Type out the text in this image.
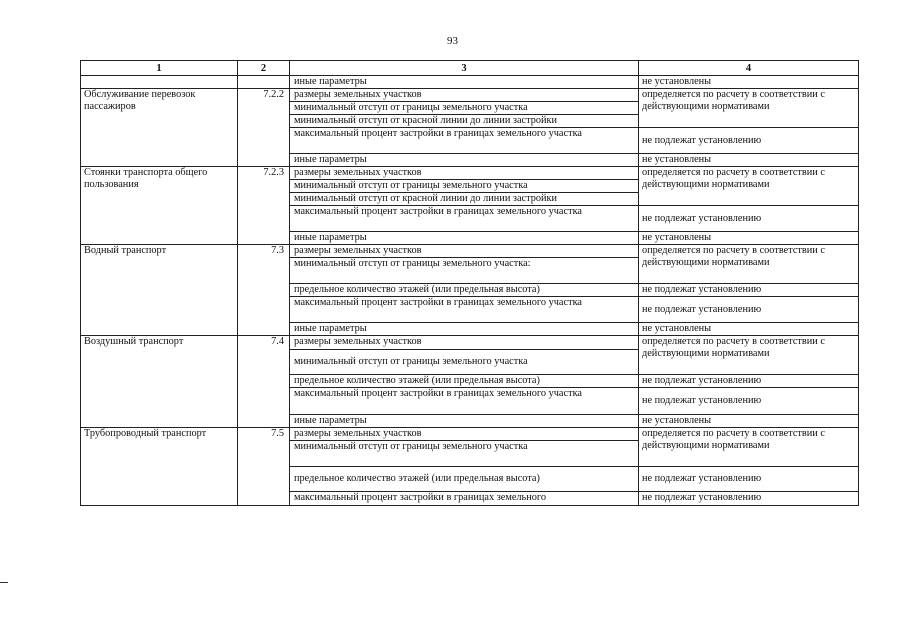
93
1	2	3	4
		иные параметры	не установлены
Обслуживание перевозок пассажиров	7.2.2	размеры земельных участков	определяется по расчету в соответствии с действующими нормативами
		минимальный отступ от границы земельного участка	
		минимальный отступ от красной линии до линии застройки	
		максимальный процент застройки в границах земельного участка	не подлежат установлению
		иные параметры	не установлены
Стоянки транспорта общего пользования	7.2.3	размеры земельных участков	определяется по расчету в соответствии с действующими нормативами
		минимальный отступ от границы земельного участка	
		минимальный отступ от красной линии до линии застройки	
		максимальный процент застройки в границах земельного участка	не подлежат установлению
		иные параметры	не установлены
Водный транспорт	7.3	размеры земельных участков	определяется по расчету в соответствии с действующими нормативами
		минимальный отступ от границы земельного участка:	
		предельное количество этажей (или предельная высота)	не подлежат установлению
		максимальный процент застройки в границах земельного участка	не подлежат установлению
		иные параметры	не установлены
Воздушный транспорт	7.4	размеры земельных участков	определяется по расчету в соответствии с действующими нормативами
		минимальный отступ от границы земельного участка	
		предельное количество этажей (или предельная высота)	не подлежат установлению
		максимальный процент застройки в границах земельного участка	не подлежат установлению
		иные параметры	не установлены
Трубопроводный транспорт	7.5	размеры земельных участков	определяется по расчету в соответствии с действующими нормативами
		минимальный отступ от границы земельного участка	
		предельное количество этажей (или предельная высота)	не подлежат установлению
		максимальный процент застройки в границах земельного	не подлежат установлению
